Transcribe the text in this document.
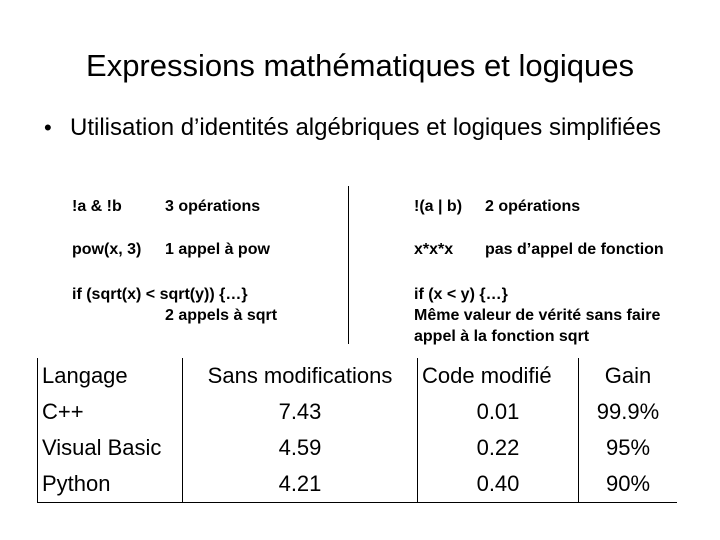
Expressions mathématiques et logiques
• Utilisation d’identités algébriques et logiques simplifiées
!a & !b	3 opérations
pow(x, 3) 1 appel à pow
if (sqrt(x) < sqrt(y)) {…}
2 appels à sqrt
!(a | b) 2 opérations
x*x*x pas d’appel de fonction
if (x < y) {…}
Même valeur de vérité sans faire
appel à la fonction sqrt
Langage	Sans modifications	Code modifié	Gain
C++	7.43	0.01	99.9%
Visual Basic	4.59	0.22	95%
Python	4.21	0.40	90%
